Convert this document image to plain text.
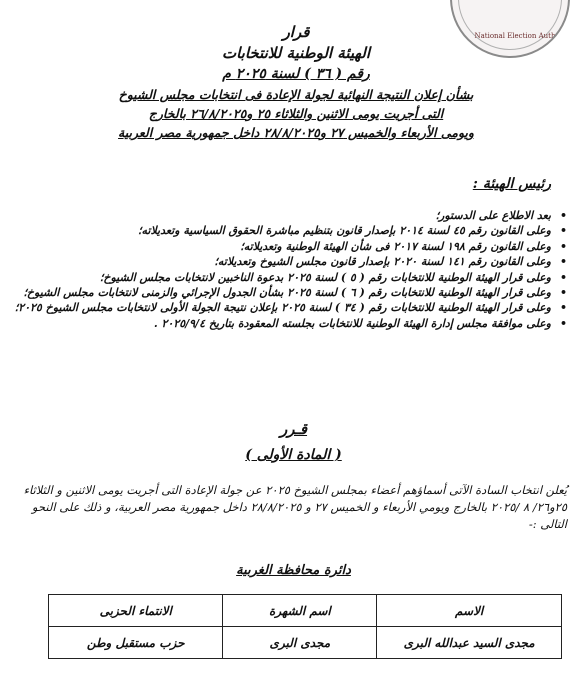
National Election Auth
قرار
الهيئة الوطنية للانتخابات
رقم ( ٣٦ ) لسنة ٢٠٢٥ م
بشأن إعلان النتيجة النهائية لجولة الإعادة فى انتخابات مجلس الشيوخ
التى أجريت يومى الاثنين والثلاثاء ٢٥ و٢٦/٨/٢٠٢٥ بالخارج
ويومى الأربعاء والخميس ٢٧ و٢٨/٨/٢٠٢٥ داخل جمهورية مصر العربية
رئيس الهيئة :
• بعد الاطلاع على الدستور؛
• وعلى القانون رقم ٤٥ لسنة ٢٠١٤ بإصدار قانون بتنظيم مباشرة الحقوق السياسية وتعديلاته؛
• وعلى القانون رقم ١٩٨ لسنة ٢٠١٧ فى شأن الهيئة الوطنية وتعديلاته؛
• وعلى القانون رقم ١٤١ لسنة ٢٠٢٠ بإصدار قانون مجلس الشيوخ وتعديلاته؛
• وعلى قرار الهيئة الوطنية للانتخابات رقم ( ٥ ) لسنة ٢٠٢٥ بدعوة الناخبين لانتخابات مجلس الشيوخ؛
• وعلى قرار الهيئة الوطنية للانتخابات رقم ( ٦ ) لسنة ٢٠٢٥ بشأن الجدول الإجرائي والزمنى لانتخابات مجلس الشيوخ؛
• وعلى قرار الهيئة الوطنية للانتخابات رقم ( ٣٤ ) لسنة ٢٠٢٥ بإعلان نتيجة الجولة الأولى لانتخابات مجلس الشيوخ ٢٠٢٥؛
• وعلى موافقة مجلس إدارة الهيئة الوطنية للانتخابات بجلسته المعقودة بتاريخ ٢٠٢٥/٩/٤ .
قـرر
( المادة الأولى )
يُعلن انتخاب السادة الآتى أسماؤهم أعضاء بمجلس الشيوخ ٢٠٢٥ عن جولة الإعادة التى أجريت يومى الاثنين و الثلاثاء ٢٥و٢٦/ ٨ /٢٠٢٥ بالخارج ويومي الأربعاء و الخميس ٢٧ و ٢٨/٨/٢٠٢٥ داخل جمهورية مصر العربية، و ذلك على النحو التالى :-
دائرة محافظة الغربية
الاسم	اسم الشهرة	الانتماء الحزبى
مجدى السيد عبدالله البرى	مجدى البرى	حزب مستقبل وطن
